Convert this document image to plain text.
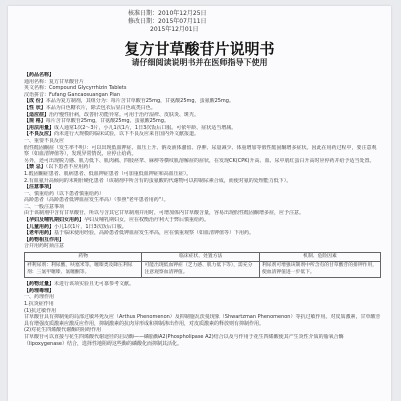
核准日期：2010年12月25日
修改日期：2015年07月11日
2015年12月01日
复方甘草酸苷片说明书
请仔细阅读说明书并在医师指导下使用
【药品名称】
通用名称：复方甘草酸苷片
英文名称：Compound Glycyrrhizin Tablets
汉语拼音：Fufang Gancaosuangan Pian
【成 份】本品为复方制剂，其组分为：每片含甘草酸苷25mg，甘氨酸25mg，蛋氨酸25mg。
【性 状】本品为白色糖衣片，除去包衣后显白色或类白色。
【适应症】治疗慢性肝病，改善肝功能异常。可用于治疗湿疹、皮肤炎、斑秃。
【规 格】每片含甘草酸苷25mg，甘氨酸25mg，蛋氨酸25mg。
【用法用量】成人通常1次2～3片，小儿1次1片，1日3次饭后口服。可依年龄、症状适当增减。
【不良反应】尚未进行大规模的临床试验，以下不良反应来自国内外文献报道。
一、重要不良反应
假性醛固酮症（发生率不明）：可以出现低血钾症、血压上升、钠及液体潴留、浮肿、尿量减少、体重增加等假性醛固酮增多症状。因此在用药过程中，要注意观察（如血清钾值等），发现异常情况，应停止给药。
另外，还可出现脱力感、肌力低下、肌肉痛、四肢痉挛、麻痹等横纹肌溶解症的症状，在发现CK(CPK)升高、血、尿中肌红蛋白升高时应停药并给予适当处置。
【禁 忌】（以下患者不应用药）
1.醛固酮症患者、肌病患者、低血钾症患者（可加重低血钾症和高血压症）。
2.有血氨升高倾向的末期肝硬化患者（该制剂中所含有的蛋氨酸的代谢物可以抑制尿素合成，而使对氨的处理能力低下）。
【注意事项】
一、慎重给药（以下患者慎重给药）
高龄患者（高龄患者低钾血症发生率高）（参照"老年患者用药"）。
二、一般注意事项
由于该制剂中含有甘草酸苷，所以与含其它甘草制剂并用时，可增加体内甘草酸含量，容易出现假性醛固酮增多症，应予注意。
【孕妇及哺乳期妇女用药】孕妇及哺乳期妇女，应在权衡治疗利大于弊后慎重给药。
【儿童用药】小儿1次1片，1日3次饭后口服。
【老年用药】基于临床使用经验，高龄患者低钾血症发生率高，应在慎重观察（如血清钾值等）下用药。
【药物相互作用】
合并用药时须注意
药物	临床症状、处置方法	机制、危险因素
袢利尿剂：利尿酸、呋塞米等。噻嗪类及降压利尿剂：三氯甲噻嗪、氯噻酮等。	可能出现低血钾症（乏力感、肌力低下等），需充分注意观察血清钾值。	利尿剂可增强该制剂中所含有的甘草酸苷的排钾作用，使血清钾值进一步低下。
【药物过量】未进行该项实验且无可靠参考文献。
【药理毒理】
一、药理作用
1.抗炎症作用
(1)抗过敏作用
甘草酸苷具有抑制兔的局部过敏坏死反应（Arthus Phenomenon）及抑制施瓦茨曼现象（Shwartzman Phenomenon）等抗过敏作用。对皮质激素，甘草酸苷具有增强皮质激素应激反应作用，抑制激素的抗肉芽形成和抑制渗出作用，对皮质激素的释放则有抑制作用。
(2)对花生四烯酸代谢酶的阻碍作用
甘草酸苷可以直接与花生四烯酸代谢途径的启动酶——磷脂酶A2(Phospholipase A2)结合以及与作用于花生四烯酸使其产生炎性介质的脂氧合酶（lipoxygenase）结合，选择性地阻碍这些酶的磷酸化而抑制其活化。
